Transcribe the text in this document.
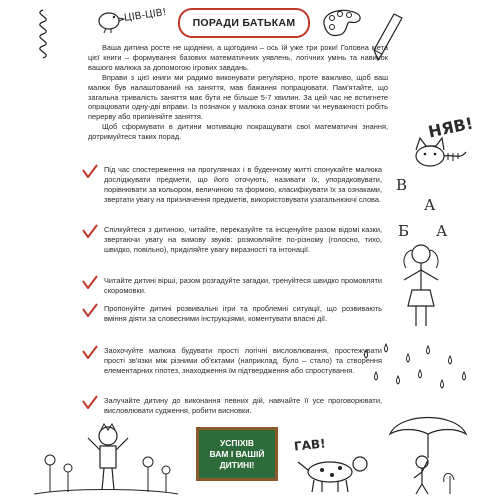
ЦІВ-ЦІВ! ПОРАДИ БАТЬКАМ

Ваша дитина росте не щодніни, а щогодини – ось їй уже три роки! Головна мета цієї книги – формування базових математичних уявлень, логічних умінь та навичок вашого малюка за допомогою ігрових завдань.

Вправи з цієї книги ми радимо виконувати регулярно, проте важливо, щоб ваш малюк був налаштований на заняття, мав бажання попрацювати. Пам'ятайте, що загальна тривалість заняття має бути не більше 5-7 хвилин. За цей час не встигнете опрацювати одну-дві вправи. Із позначок у малюка ознак втоми чи неуважності робіть перерву або припиняйте заняття.

Щоб сформувати в дитини мотивацію покращувати свої математичні знання, дотримуйтеся таких порад.	НЯВ!
В
А
Б А
Під час спостереження на прогулянках і в буденному житті спонукайте малюка досліджувати предмети, що його оточують, називати їх, упорядковувати, порівнювати за кольором, величиною та формою, класифікувати їх за ознаками, звертати увагу на призначення предметів, використовувати узагальнюючі слова.
Спілкуйтеся з дитиною, читайте, переказуйте та інсценуйте разом відомі казки, звертаючи увагу на вимову звуків: розмовляйте по-різному (голосно, тихо, швидко, повільно), придiляйте увагу виразності та інтонації.
Читайте дитині вірші, разом розгадуйте загадки, тренуйтеся швидко промовляти скоромовки.
Пропонуйте дитині розвивальні ігри та проблемні ситуації, що розвивають вміння діяти за словесними інструкціями, коментувати власні дії.
Заохочуйте малюка будувати прості логічні висловлювання, простежувати прості зв'язки між різними об'єктами (наприклад, було – стало) та створення елементарних гіпотез, знаходження їм підтвердження або спростування.
Залучайте дитину до виконання певних дій, навчайте її усе проговорювати, висловлювати судження, робити висновки.
УСПІХІВ
ВАМ І ВАШІЙ
ДИТИНІ!
ГАВ!
